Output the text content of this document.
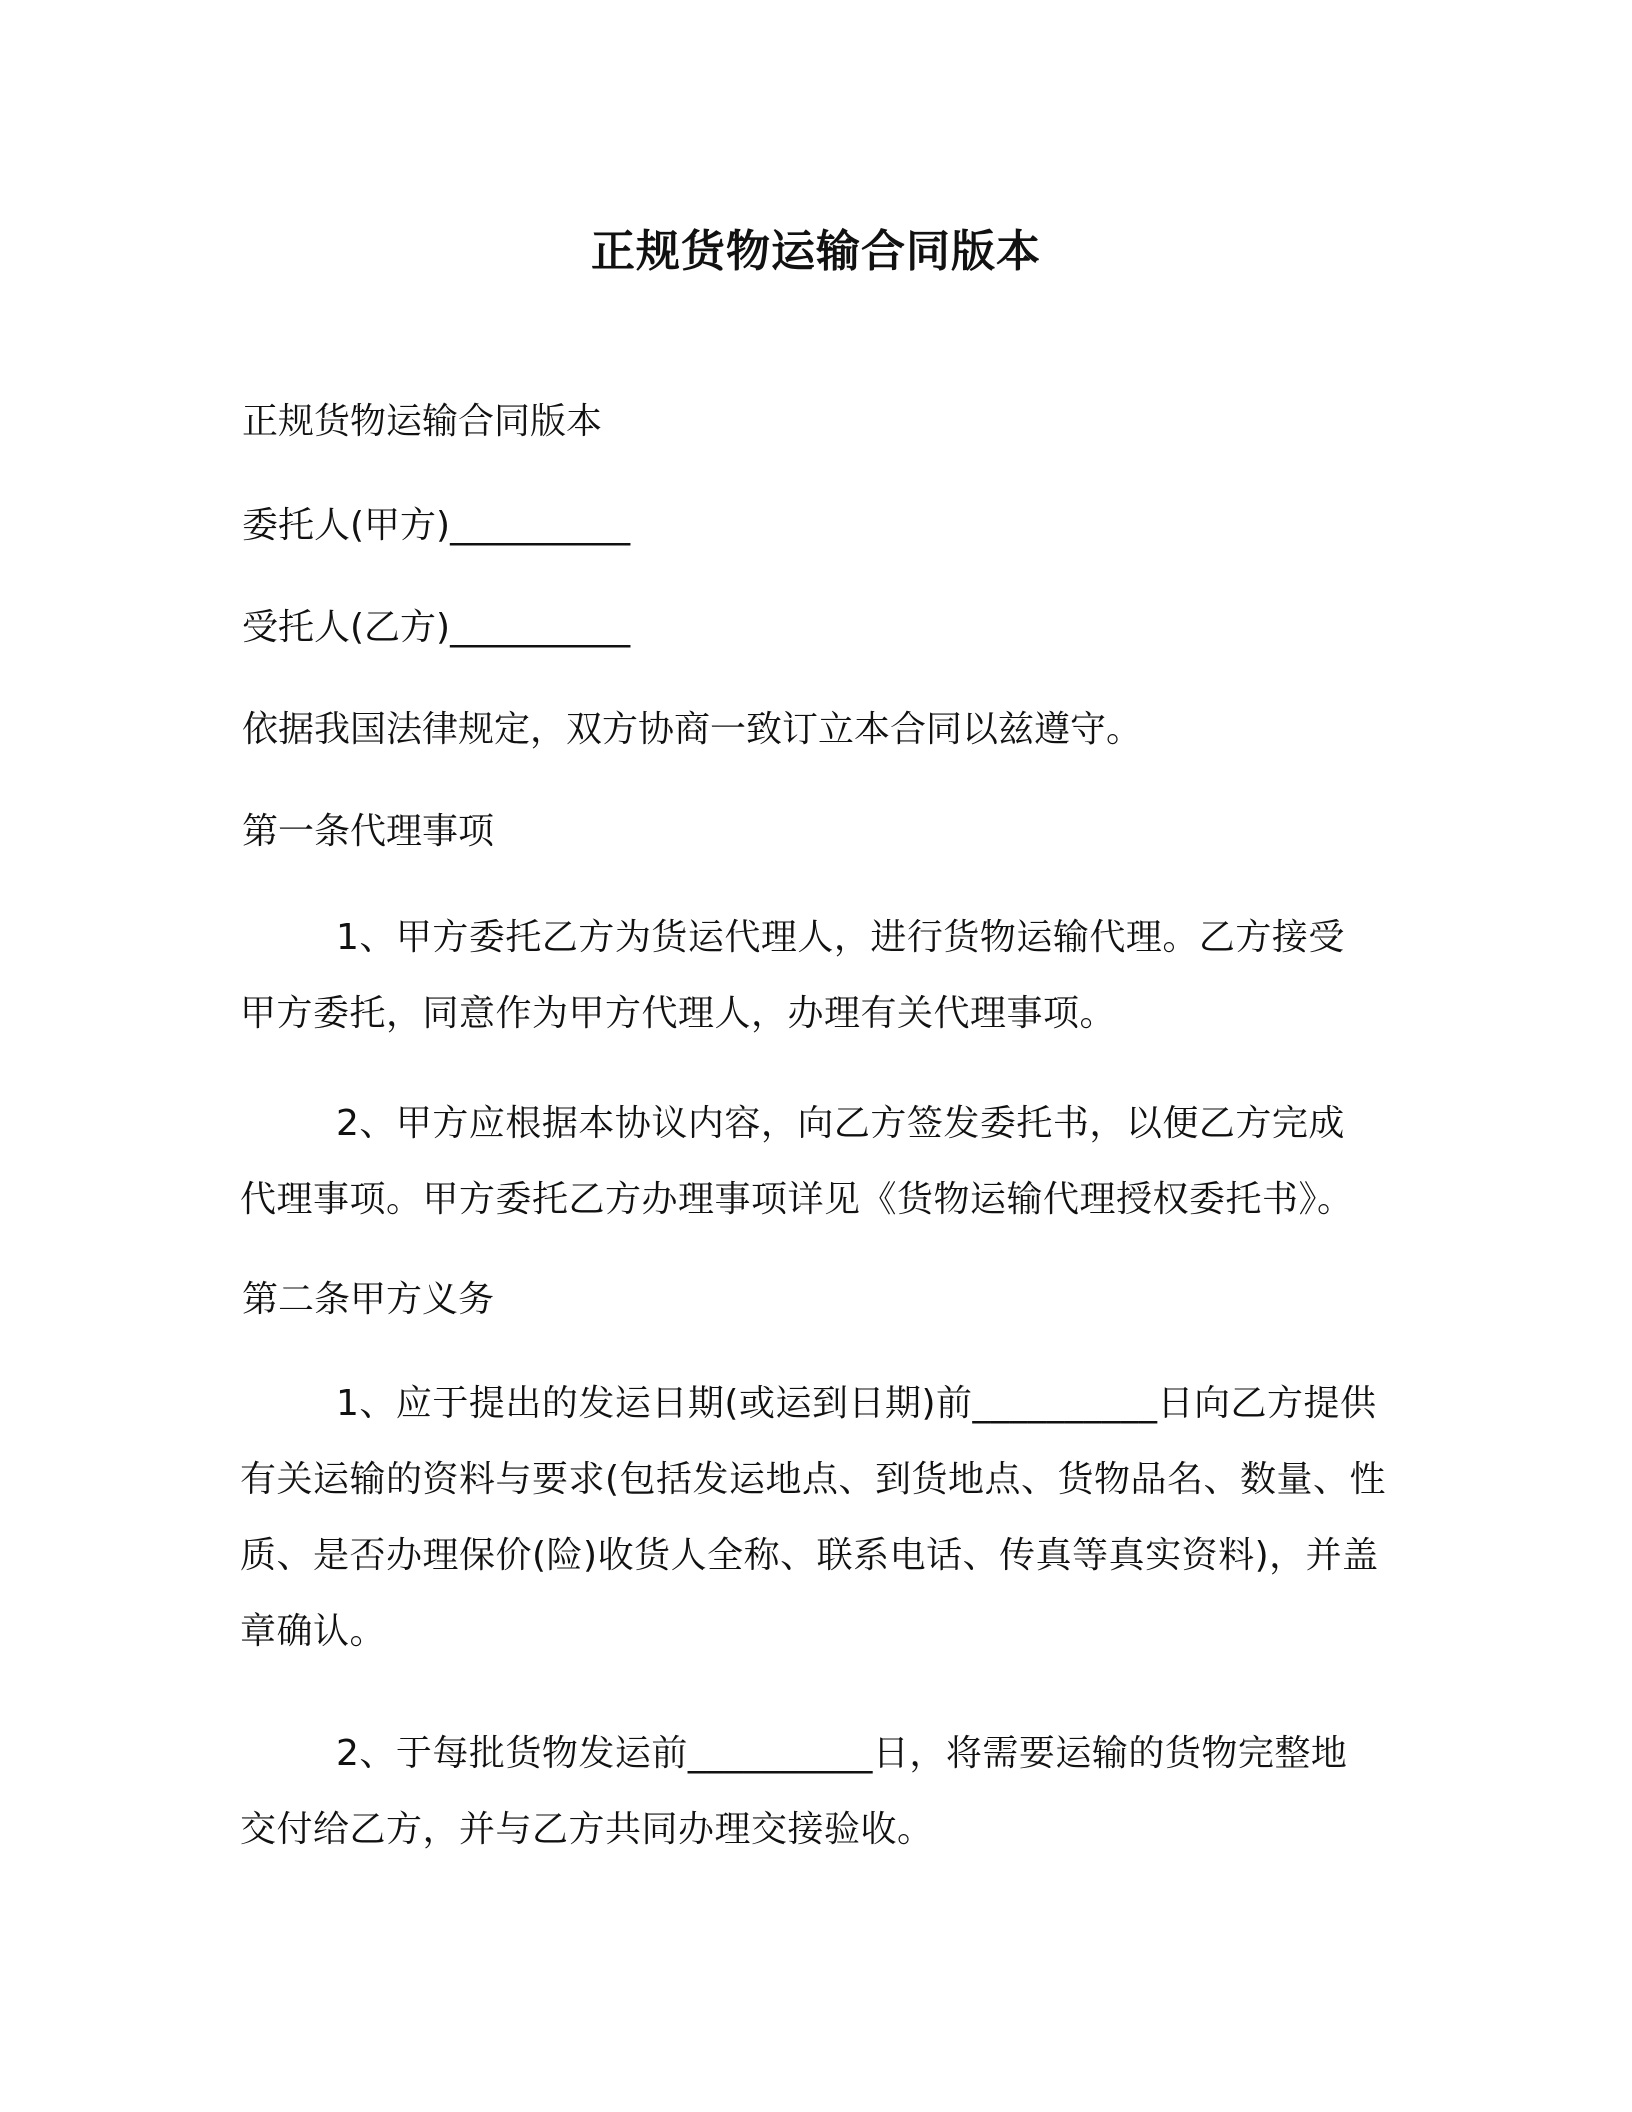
正规货物运输合同版本

正规货物运输合同版本

委托人(甲方)__________

受托人(乙方)__________

依据我国法律规定，双方协商一致订立本合同以兹遵守。

第一条代理事项

1、甲方委托乙方为货运代理人，进行货物运输代理。乙方接受甲方委托，同意作为甲方代理人，办理有关代理事项。

2、甲方应根据本协议内容，向乙方签发委托书，以便乙方完成代理事项。甲方委托乙方办理事项详见《货物运输代理授权委托书》。

第二条甲方义务

1、应于提出的发运日期(或运到日期)前__________日向乙方提供有关运输的资料与要求(包括发运地点、到货地点、货物品名、数量、性质、是否办理保价(险)收货人全称、联系电话、传真等真实资料)，并盖章确认。

2、于每批货物发运前__________日，将需要运输的货物完整地交付给乙方，并与乙方共同办理交接验收。
